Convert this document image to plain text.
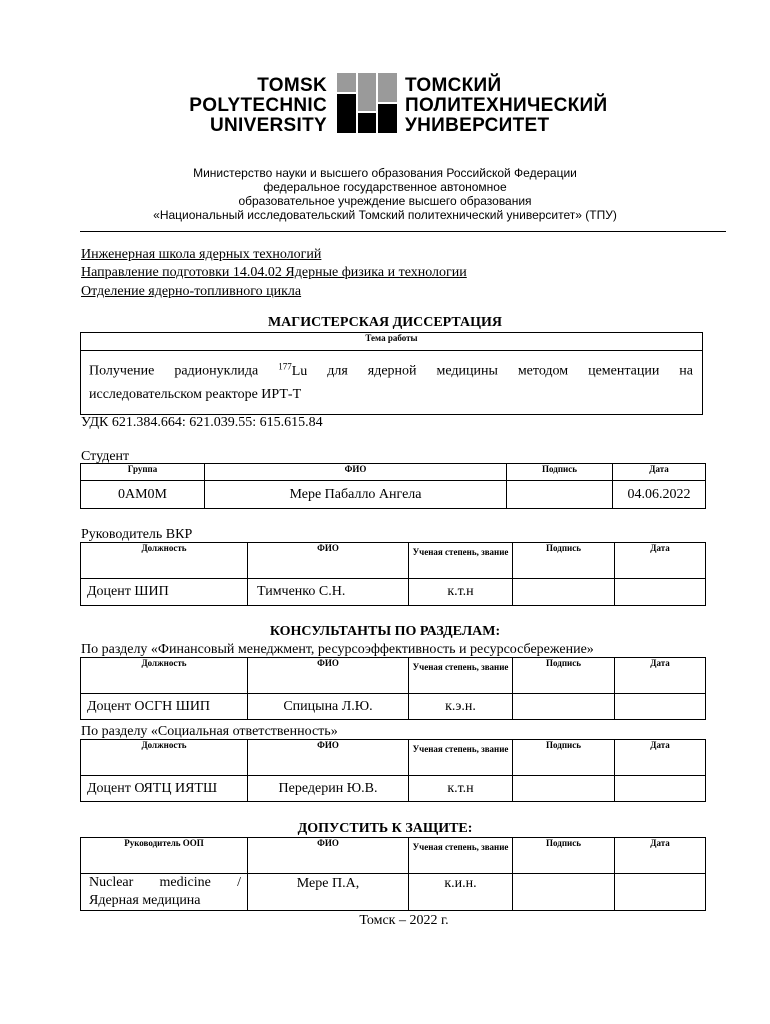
TOMSK
POLYTECHNIC
UNIVERSITY
ТОМСКИЙ
ПОЛИТЕХНИЧЕСКИЙ
УНИВЕРСИТЕТ
Министерство науки и высшего образования Российской Федерации
федеральное государственное автономное
образовательное учреждение высшего образования
«Национальный исследовательский Томский политехнический университет» (ТПУ)
Инженерная школа ядерных технологий
Направление подготовки 14.04.02 Ядерные физика и технологии
Отделение ядерно-топливного цикла
МАГИСТЕРСКАЯ ДИССЕРТАЦИЯ
Тема работы
Получение радионуклида $^{177}$Lu для ядерной медицины методом цементации на
исследовательском реакторе ИРТ-Т
УДК 621.384.664: 621.039.55: 615.615.84
Студент
Группа	ФИО	Подпись	Дата
0АМ0М	Мере Пабалло Ангела		04.06.2022
Руководитель ВКР
Должность	ФИО	Ученая степень, звание	Подпись	Дата
Доцент ШИП	Тимченко С.Н.	к.т.н		
КОНСУЛЬТАНТЫ ПО РАЗДЕЛАМ:
По разделу «Финансовый менеджмент, ресурсоэффективность и ресурсосбережение»
Должность	ФИО	Ученая степень, звание	Подпись	Дата
Доцент ОСГН ШИП	Спицына Л.Ю.	к.э.н.		
По разделу «Социальная ответственность»
Должность	ФИО	Ученая степень, звание	Подпись	Дата
Доцент ОЯТЦ ИЯТШ	Передерин Ю.В.	к.т.н		
ДОПУСТИТЬ К ЗАЩИТЕ:
Руководитель ООП	ФИО	Ученая степень, звание	Подпись	Дата

Nuclear medicine /
Ядерная медицина	Мере П.А,	к.и.н.		
Томск – 2022 г.
